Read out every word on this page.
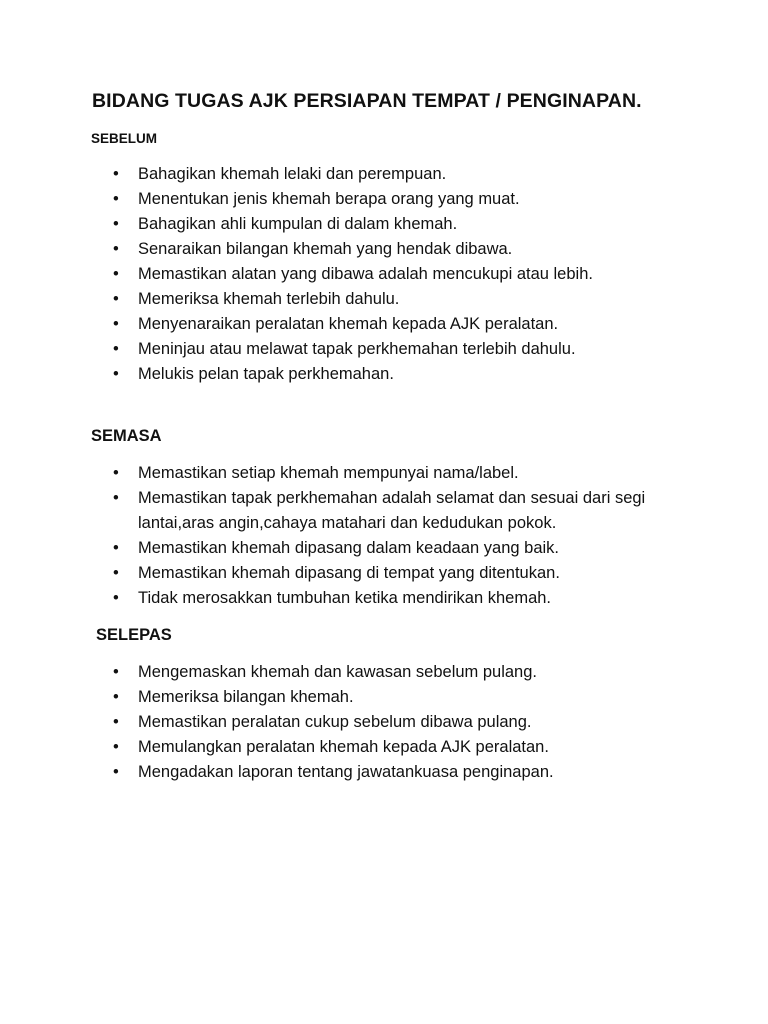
BIDANG TUGAS AJK PERSIAPAN TEMPAT / PENGINAPAN.
SEBELUM
• Bahagikan khemah lelaki dan perempuan.
• Menentukan jenis khemah berapa orang yang muat.
• Bahagikan ahli kumpulan di dalam khemah.
• Senaraikan bilangan khemah yang hendak dibawa.
• Memastikan alatan yang dibawa adalah mencukupi atau lebih.
• Memeriksa khemah terlebih dahulu.
• Menyenaraikan peralatan khemah kepada AJK peralatan.
• Meninjau atau melawat tapak perkhemahan terlebih dahulu.
• Melukis pelan tapak perkhemahan.
SEMASA
• Memastikan setiap khemah mempunyai nama/label.
• Memastikan tapak perkhemahan adalah selamat dan sesuai dari segi lantai,aras angin,cahaya matahari dan kedudukan pokok.
• Memastikan khemah dipasang dalam keadaan yang baik.
• Memastikan khemah dipasang di tempat yang ditentukan.
• Tidak merosakkan tumbuhan ketika mendirikan khemah.
SELEPAS
• Mengemaskan khemah dan kawasan sebelum pulang.
• Memeriksa bilangan khemah.
• Memastikan peralatan cukup sebelum dibawa pulang.
• Memulangkan peralatan khemah kepada AJK peralatan.
• Mengadakan laporan tentang jawatankuasa penginapan.
